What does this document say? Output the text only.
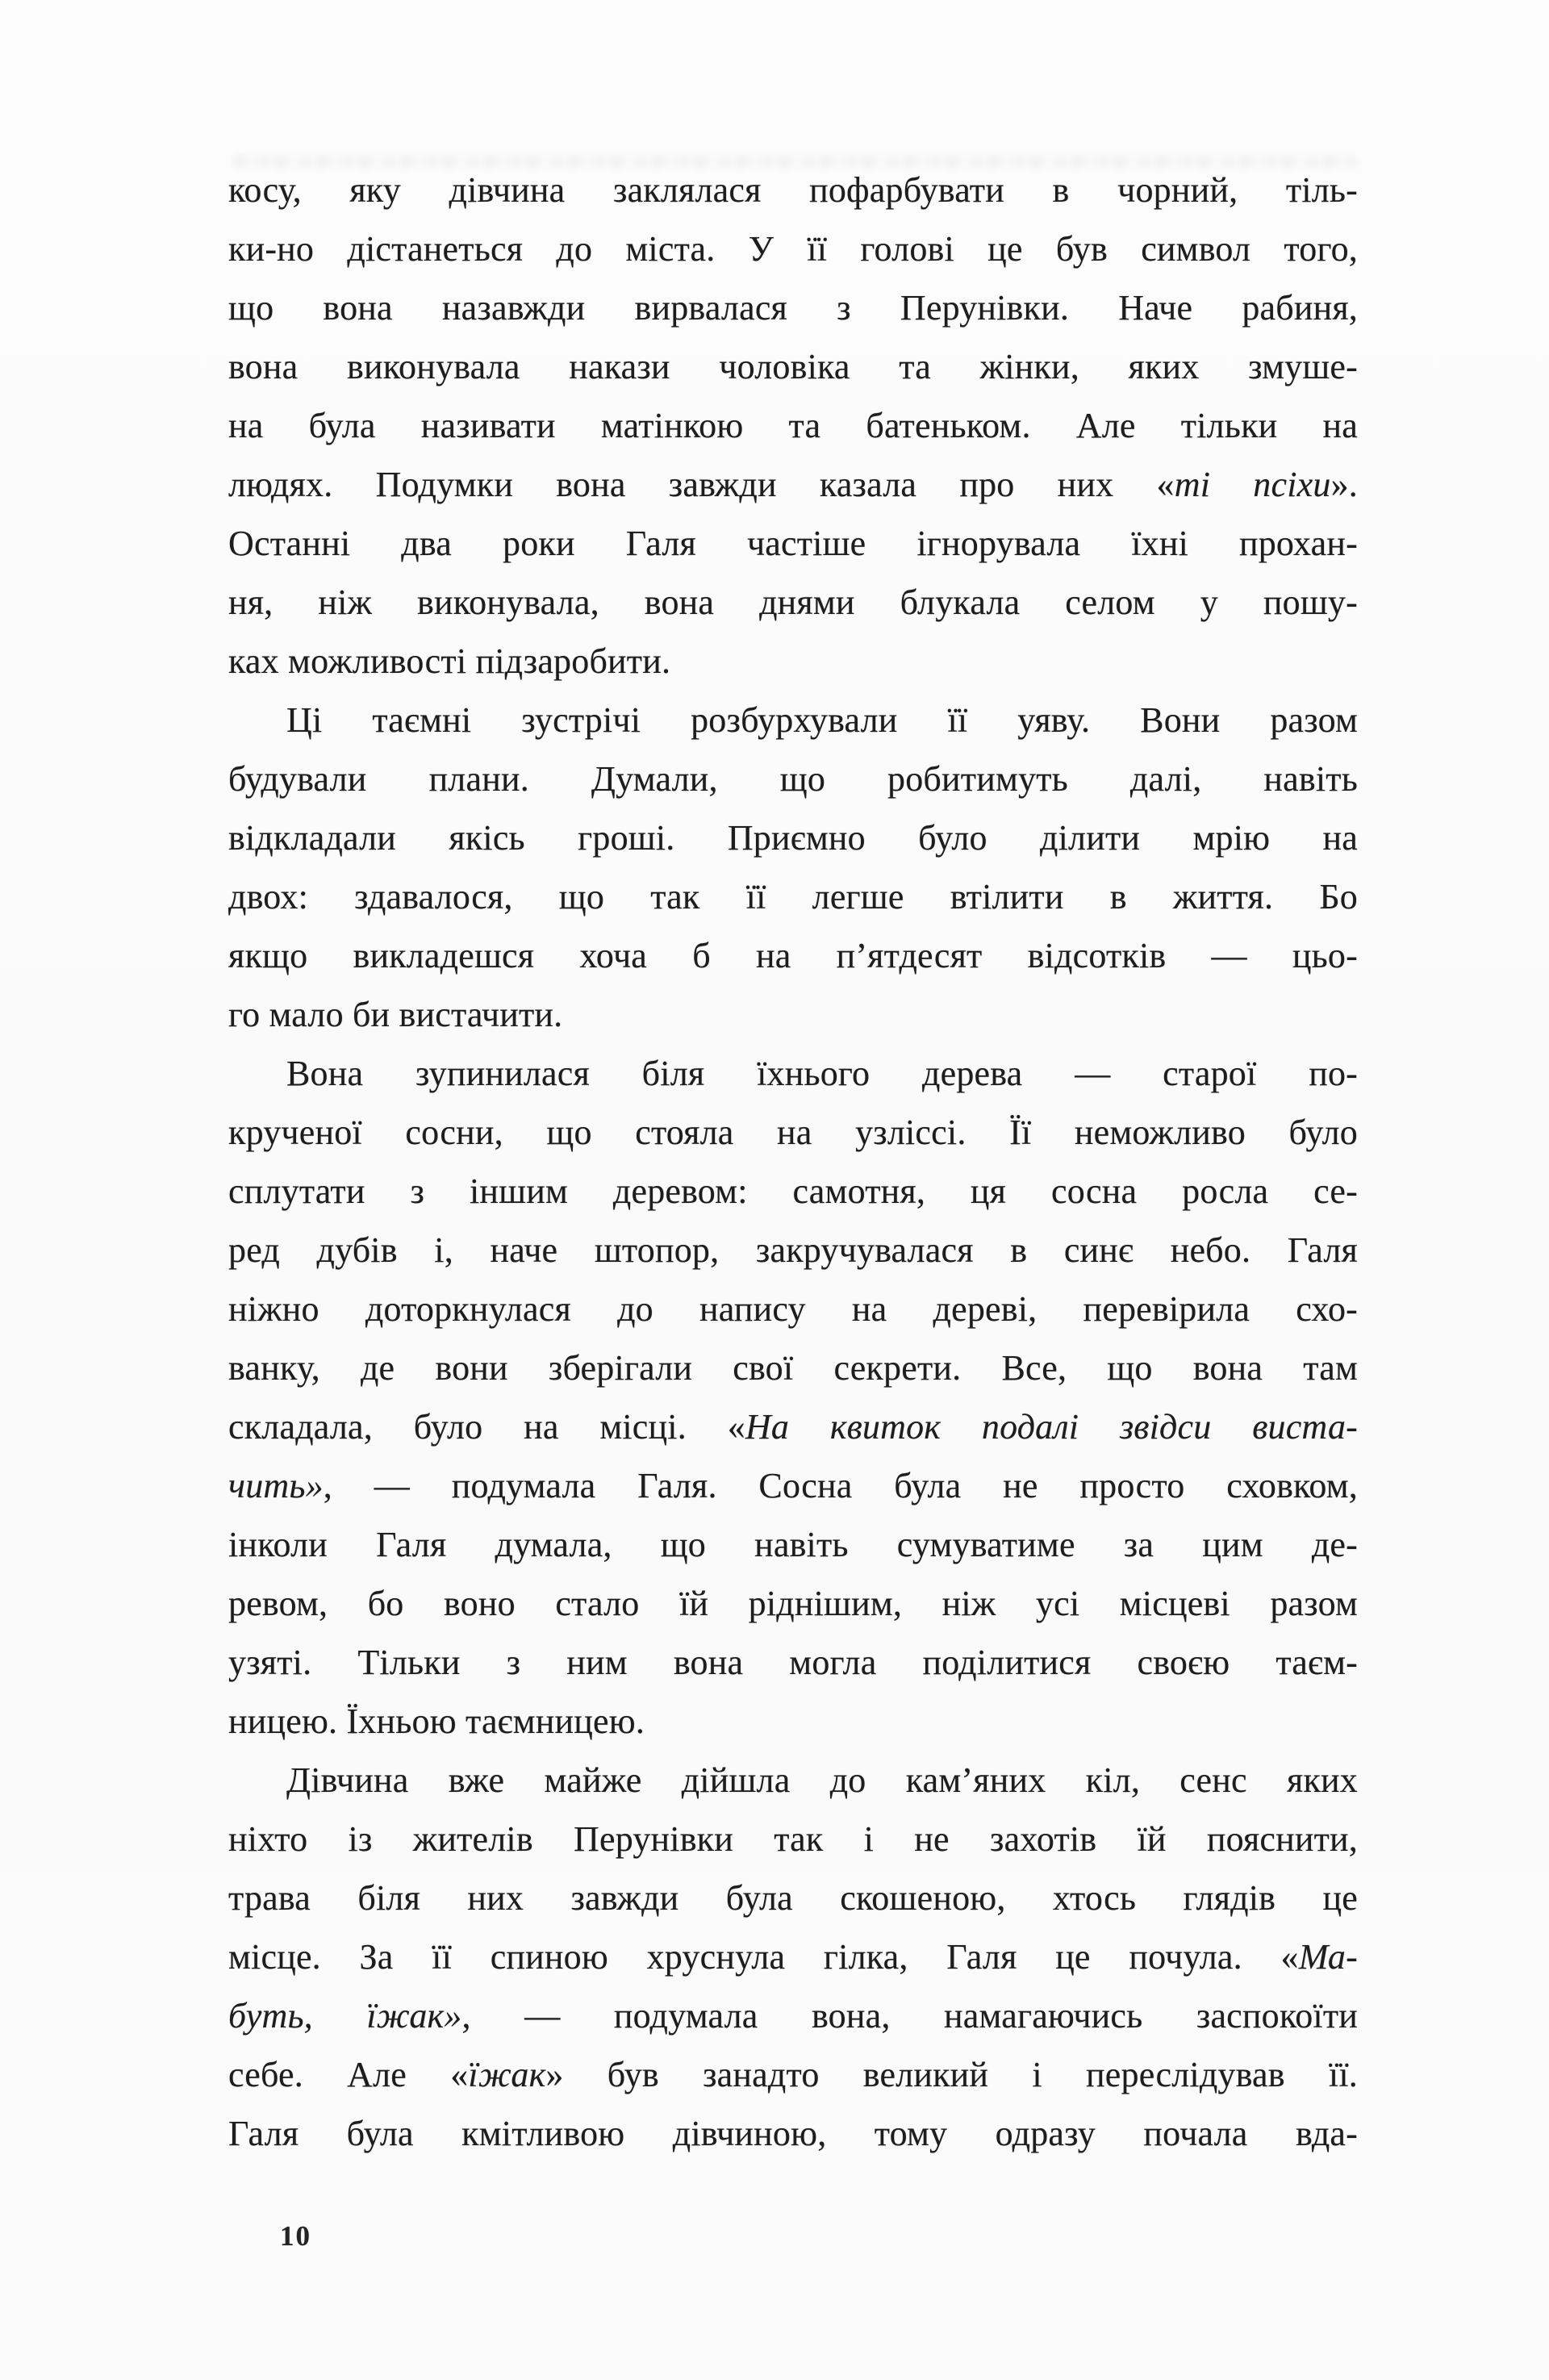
косу, яку дівчина заклялася пофарбувати в чорний, тіль-
ки-но дістанеться до міста. У її голові це був символ того,
що вона назавжди вирвалася з Перунівки. Наче рабиня,
вона виконувала накази чоловіка та жінки, яких змуше-
на була називати матінкою та батеньком. Але тільки на
людях. Подумки вона завжди казала про них «ті псіхи».
Останні два роки Галя частіше ігнорувала їхні прохан-
ня, ніж виконувала, вона днями блукала селом у пошу-
ках можливості підзаробити.
Ці таємні зустрічі розбурхували її уяву. Вони разом
будували плани. Думали, що робитимуть далі, навіть
відкладали якісь гроші. Приємно було ділити мрію на
двох: здавалося, що так її легше втілити в життя. Бо
якщо викладешся хоча б на п’ятдесят відсотків — цьо-
го мало би вистачити.
Вона зупинилася біля їхнього дерева — старої по-
крученої сосни, що стояла на узліссі. Її неможливо було
сплутати з іншим деревом: самотня, ця сосна росла се-
ред дубів і, наче штопор, закручувалася в синє небо. Галя
ніжно доторкнулася до напису на дереві, перевірила схо-
ванку, де вони зберігали свої секрети. Все, що вона там
складала, було на місці. «На квиток подалі звідси виста-
чить», — подумала Галя. Сосна була не просто сховком,
інколи Галя думала, що навіть сумуватиме за цим де-
ревом, бо воно стало їй ріднішим, ніж усі місцеві разом
узяті. Тільки з ним вона могла поділитися своєю таєм-
ницею. Їхньою таємницею.
Дівчина вже майже дійшла до кам’яних кіл, сенс яких
ніхто із жителів Перунівки так і не захотів їй пояснити,
трава біля них завжди була скошеною, хтось глядів це
місце. За її спиною хруснула гілка, Галя це почула. «Ма-
буть, їжак», — подумала вона, намагаючись заспокоїти
себе. Але «їжак» був занадто великий і переслідував її.
Галя була кмітливою дівчиною, тому одразу почала вда-
10
